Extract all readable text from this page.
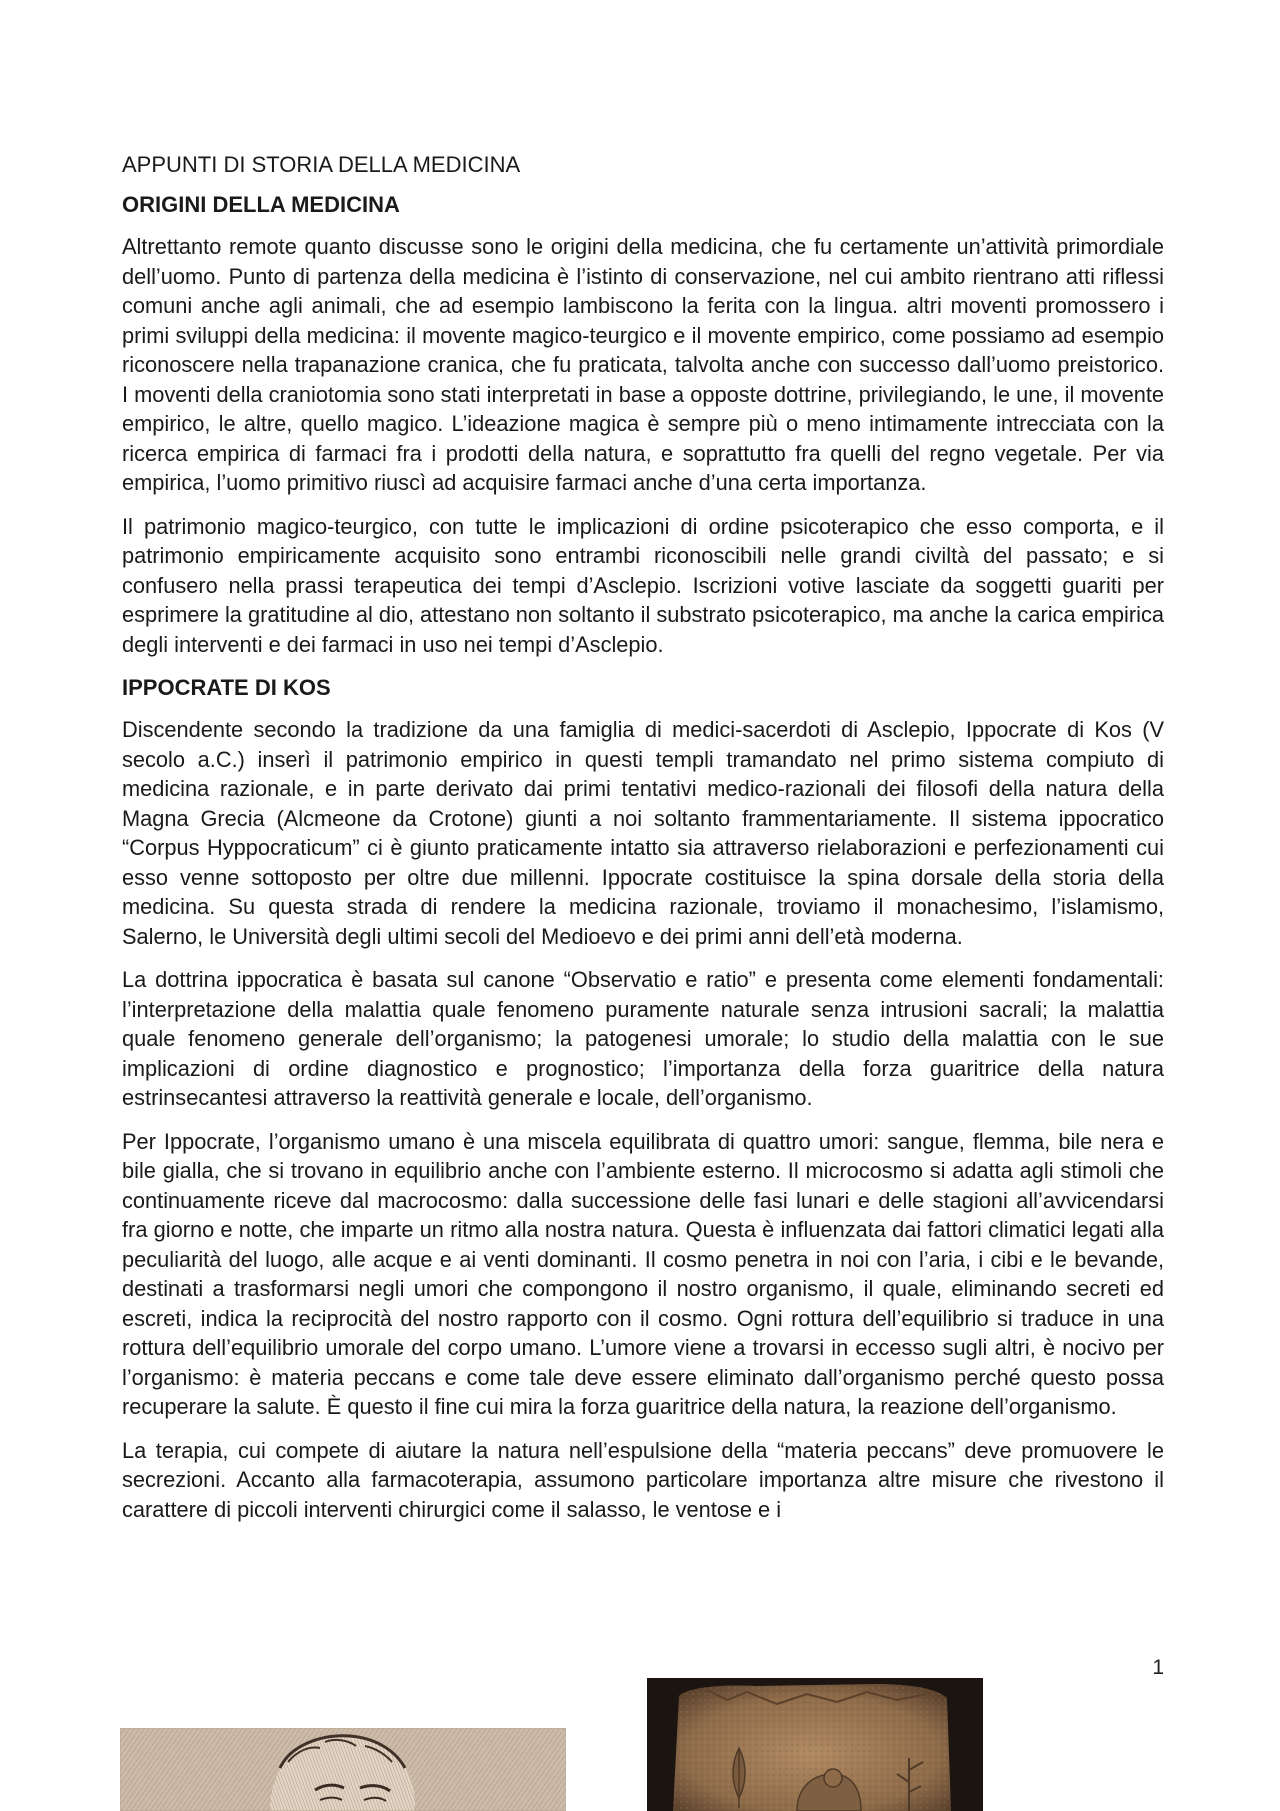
APPUNTI DI STORIA DELLA MEDICINA
ORIGINI DELLA MEDICINA

Altrettanto remote quanto discusse sono le origini della medicina, che fu certamente un’attività primordiale dell’uomo. Punto di partenza della medicina è l’istinto di conservazione, nel cui ambito rientrano atti riflessi comuni anche agli animali, che ad esempio lambiscono la ferita con la lingua. altri moventi promossero i primi sviluppi della medicina: il movente magico-teurgico e il movente empirico, come possiamo ad esempio riconoscere nella trapanazione cranica, che fu praticata, talvolta anche con successo dall’uomo preistorico. I moventi della craniotomia sono stati interpretati in base a opposte dottrine, privilegiando, le une, il movente empirico, le altre, quello magico. L’ideazione magica è sempre più o meno intimamente intrecciata con la ricerca empirica di farmaci fra i prodotti della natura, e soprattutto fra quelli del regno vegetale. Per via empirica, l’uomo primitivo riuscì ad acquisire farmaci anche d’una certa importanza.

Il patrimonio magico-teurgico, con tutte le implicazioni di ordine psicoterapico che esso comporta, e il patrimonio empiricamente acquisito sono entrambi riconoscibili nelle grandi civiltà del passato; e si confusero nella prassi terapeutica dei tempi d’Asclepio. Iscrizioni votive lasciate da soggetti guariti per esprimere la gratitudine al dio, attestano non soltanto il substrato psicoterapico, ma anche la carica empirica degli interventi e dei farmaci in uso nei tempi d’Asclepio.

IPPOCRATE DI KOS

Discendente secondo la tradizione da una famiglia di medici-sacerdoti di Asclepio, Ippocrate di Kos (V secolo a.C.) inserì il patrimonio empirico in questi templi tramandato nel primo sistema compiuto di medicina razionale, e in parte derivato dai primi tentativi medico-razionali dei filosofi della natura della Magna Grecia (Alcmeone da Crotone) giunti a noi soltanto frammentariamente. Il sistema ippocratico “Corpus Hyppocraticum” ci è giunto praticamente intatto sia attraverso rielaborazioni e perfezionamenti cui esso venne sottoposto per oltre due millenni. Ippocrate costituisce la spina dorsale della storia della medicina. Su questa strada di rendere la medicina razionale, troviamo il monachesimo, l’islamismo, Salerno, le Università degli ultimi secoli del Medioevo e dei primi anni dell’età moderna.

La dottrina ippocratica è basata sul canone “Observatio e ratio” e presenta come elementi fondamentali: l’interpretazione della malattia quale fenomeno puramente naturale senza intrusioni sacrali; la malattia quale fenomeno generale dell’organismo; la patogenesi umorale; lo studio della malattia con le sue implicazioni di ordine diagnostico e prognostico; l’importanza della forza guaritrice della natura estrinsecantesi attraverso la reattività generale e locale, dell’organismo.

Per Ippocrate, l’organismo umano è una miscela equilibrata di quattro umori: sangue, flemma, bile nera e bile gialla, che si trovano in equilibrio anche con l’ambiente esterno. Il microcosmo si adatta agli stimoli che continuamente riceve dal macrocosmo: dalla successione delle fasi lunari e delle stagioni all’avvicendarsi fra giorno e notte, che imparte un ritmo alla nostra natura. Questa è influenzata dai fattori climatici legati alla peculiarità del luogo, alle acque e ai venti dominanti. Il cosmo penetra in noi con l’aria, i cibi e le bevande, destinati a trasformarsi negli umori che compongono il nostro organismo, il quale, eliminando secreti ed escreti, indica la reciprocità del nostro rapporto con il cosmo. Ogni rottura dell’equilibrio si traduce in una rottura dell’equilibrio umorale del corpo umano. L’umore viene a trovarsi in eccesso sugli altri, è nocivo per l’organismo: è materia peccans e come tale deve essere eliminato dall’organismo perché questo possa recuperare la salute. È questo il fine cui mira la forza guaritrice della natura, la reazione dell’organismo.

La terapia, cui compete di aiutare la natura nell’espulsione della “materia peccans” deve promuovere le secrezioni. Accanto alla farmacoterapia, assumono particolare importanza altre misure che rivestono il carattere di piccoli interventi chirurgici come il salasso, le ventose e i

1
